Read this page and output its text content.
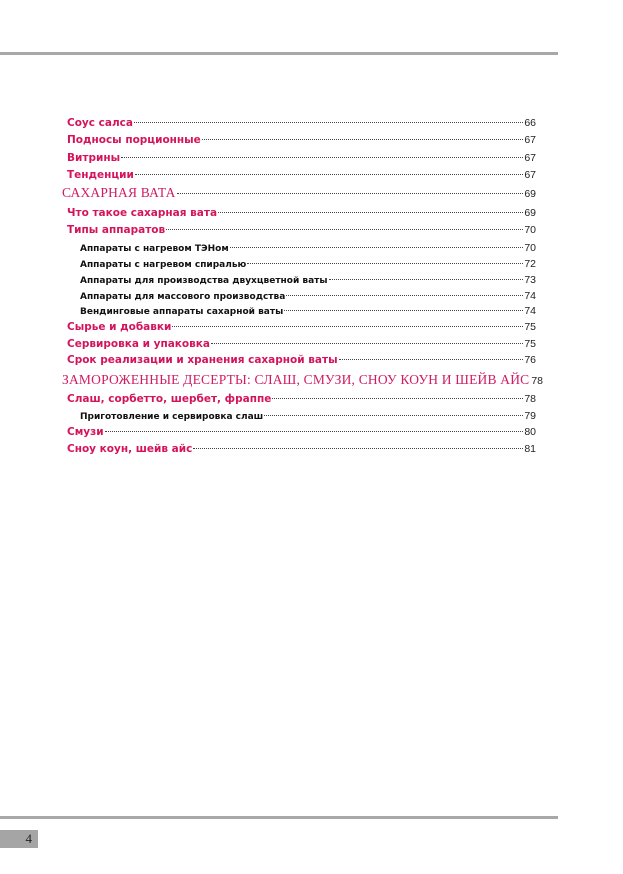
Соус салса	66
Подносы порционные	67
Витрины	67
Тенденции	67
САХАРНАЯ ВАТА	69
Что такое сахарная вата	69
Типы аппаратов	70
Аппараты с нагревом ТЭНом	70
Аппараты с нагревом спиралью	72
Аппараты для производства двухцветной ваты	73
Аппараты для массового производства	74
Вендинговые аппараты сахарной ваты	74
Сырье и добавки	75
Сервировка и упаковка	75
Срок реализации и хранения сахарной ваты	76
ЗАМОРОЖЕННЫЕ ДЕСЕРТЫ: СЛАШ, СМУЗИ, СНОУ КОУН И ШЕЙВ АЙС 78
Слаш, сорбетто, шербет, фраппе	78
Приготовление и сервировка слаш	79
Смузи	80
Сноу коун, шейв айс	81
4
